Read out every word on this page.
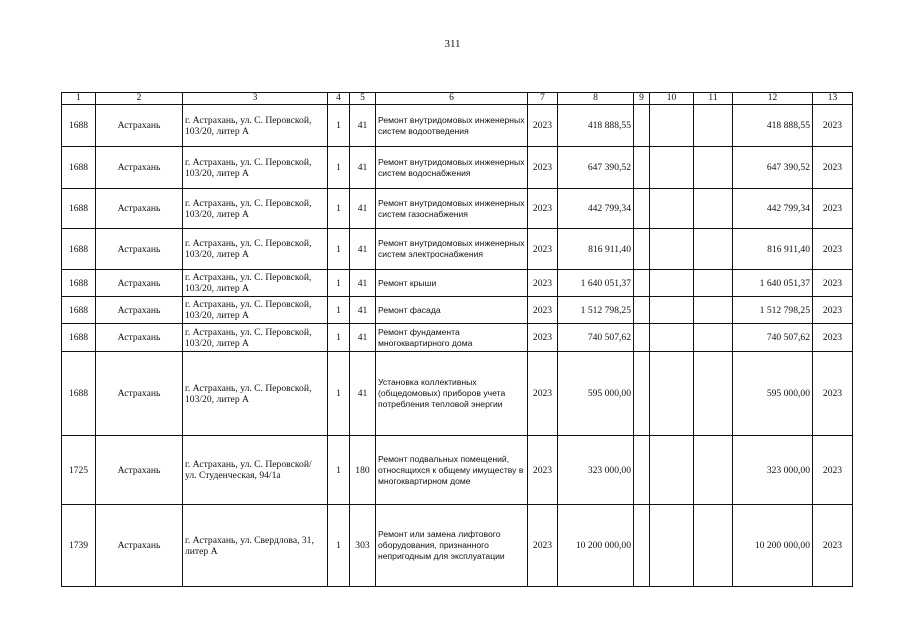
311
1	2	3	4	5	6	7	8	9	10	11	12	13
1688	Астрахань	г. Астрахань, ул. С. Перовской, 103/20, литер А	1	41	Ремонт внутридомовых инженерных систем водоотведения	2023	418 888,55				418 888,55	2023
1688	Астрахань	г. Астрахань, ул. С. Перовской, 103/20, литер А	1	41	Ремонт внутридомовых инженерных систем водоснабжения	2023	647 390,52				647 390,52	2023
1688	Астрахань	г. Астрахань, ул. С. Перовской, 103/20, литер А	1	41	Ремонт внутридомовых инженерных систем газоснабжения	2023	442 799,34				442 799,34	2023
1688	Астрахань	г. Астрахань, ул. С. Перовской, 103/20, литер А	1	41	Ремонт внутридомовых инженерных систем электроснабжения	2023	816 911,40				816 911,40	2023
1688	Астрахань	г. Астрахань, ул. С. Перовской, 103/20, литер А	1	41	Ремонт крыши	2023	1 640 051,37				1 640 051,37	2023
1688	Астрахань	г. Астрахань, ул. С. Перовской, 103/20, литер А	1	41	Ремонт фасада	2023	1 512 798,25				1 512 798,25	2023
1688	Астрахань	г. Астрахань, ул. С. Перовской, 103/20, литер А	1	41	Ремонт фундамента многоквартирного дома	2023	740 507,62				740 507,62	2023
1688	Астрахань	г. Астрахань, ул. С. Перовской, 103/20, литер А	1	41	Установка коллективных (общедомовых) приборов учета потребления тепловой энергии	2023	595 000,00				595 000,00	2023
1725	Астрахань	г. Астрахань, ул. С. Перовской/ ул. Студенческая, 94/1а	1	180	Ремонт подвальных помещений, относящихся к общему имуществу в многоквартирном доме	2023	323 000,00				323 000,00	2023
1739	Астрахань	г. Астрахань, ул. Свердлова, 31, литер А	1	303	Ремонт или замена лифтового оборудования, признанного непригодным для эксплуатации	2023	10 200 000,00				10 200 000,00	2023
